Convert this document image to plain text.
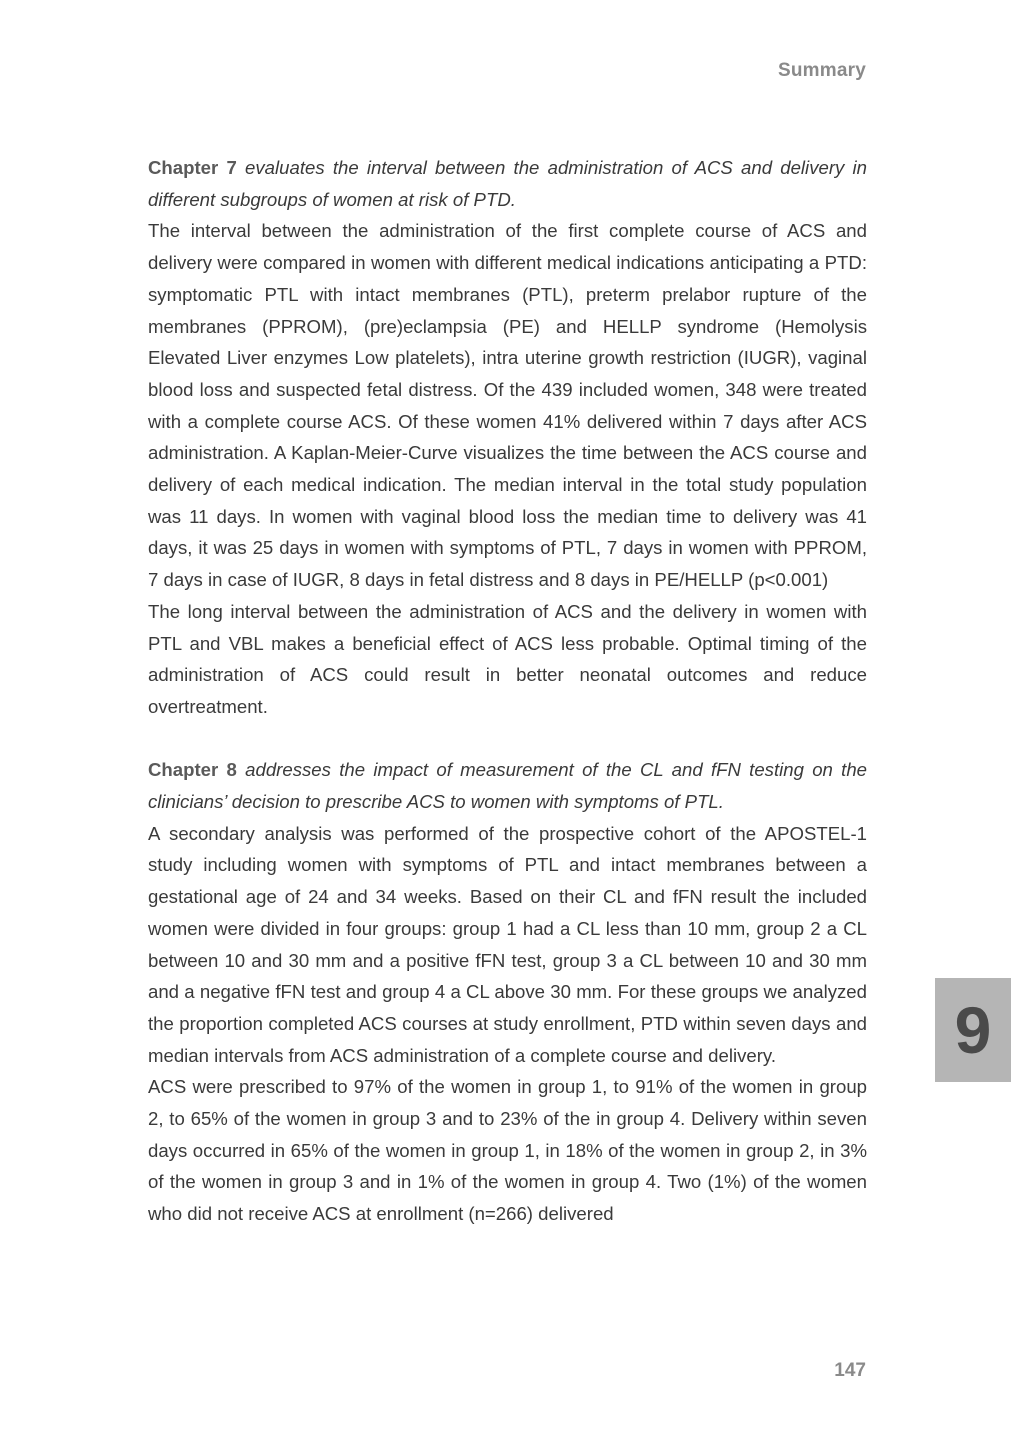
Summary

Chapter 7 evaluates the interval between the administration of ACS and delivery in different subgroups of women at risk of PTD.

The interval between the administration of the first complete course of ACS and delivery were compared in women with different medical indications anticipating a PTD: symptomatic PTL with intact membranes (PTL), preterm prelabor rupture of the membranes (PPROM), (pre)eclampsia (PE) and HELLP syndrome (Hemolysis Elevated Liver enzymes Low platelets), intra uterine growth restriction (IUGR), vaginal blood loss and suspected fetal distress. Of the 439 included women, 348 were treated with a complete course ACS. Of these women 41% delivered within 7 days after ACS administration. A Kaplan-Meier-Curve visualizes the time between the ACS course and delivery of each medical indication. The median interval in the total study population was 11 days. In women with vaginal blood loss the median time to delivery was 41 days, it was 25 days in women with symptoms of PTL, 7 days in women with PPROM, 7 days in case of IUGR, 8 days in fetal distress and 8 days in PE/HELLP (p<0.001)

The long interval between the administration of ACS and the delivery in women with PTL and VBL makes a beneficial effect of ACS less probable. Optimal timing of the administration of ACS could result in better neonatal outcomes and reduce overtreatment.

Chapter 8 addresses the impact of measurement of the CL and fFN testing on the clinicians’ decision to prescribe ACS to women with symptoms of PTL.

A secondary analysis was performed of the prospective cohort of the APOSTEL-1 study including women with symptoms of PTL and intact membranes between a gestational age of 24 and 34 weeks. Based on their CL and fFN result the included women were divided in four groups: group 1 had a CL less than 10 mm, group 2 a CL between 10 and 30 mm and a positive fFN test, group 3 a CL between 10 and 30 mm and a negative fFN test and group 4 a CL above 30 mm. For these groups we analyzed the proportion completed ACS courses at study enrollment, PTD within seven days and median intervals from ACS administration of a complete course and delivery.

ACS were prescribed to 97% of the women in group 1, to 91% of the women in group 2, to 65% of the women in group 3 and to 23% of the in group 4. Delivery within seven days occurred in 65% of the women in group 1, in 18% of the women in group 2, in 3% of the women in group 3 and in 1% of the women in group 4. Two (1%) of the women who did not receive ACS at enrollment (n=266) delivered

9
147
